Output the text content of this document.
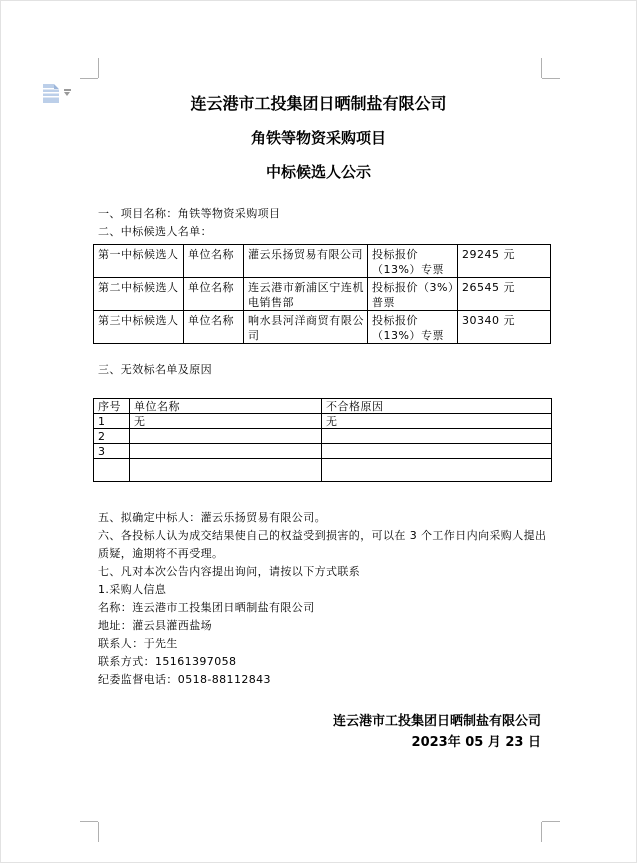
连云港市工投集团日晒制盐有限公司
角铁等物资采购项目
中标候选人公示
一、项目名称：角铁等物资采购项目
二、中标候选人名单：
第一中标候选人	单位名称	灌云乐扬贸易有限公司	投标报价（13%）专票	29245 元
第二中标候选人	单位名称	连云港市新浦区宁连机电销售部	投标报价（3%）普票	26545 元
第三中标候选人	单位名称	响水县河洋商贸有限公司	投标报价（13%）专票	30340 元
三、无效标名单及原因
序号	单位名称	不合格原因
1	无	无
2		
3		

五、拟确定中标人：灌云乐扬贸易有限公司。

六、各投标人认为成交结果使自己的权益受到损害的，可以在 3 个工作日内向采购人提出质疑，逾期将不再受理。

七、凡对本次公告内容提出询问，请按以下方式联系

1.采购人信息

名称：连云港市工投集团日晒制盐有限公司

地址：灌云县灌西盐场

联系人：于先生

联系方式：15161397058

纪委监督电话：0518-88112843

连云港市工投集团日晒制盐有限公司
2023年 05 月 23 日
